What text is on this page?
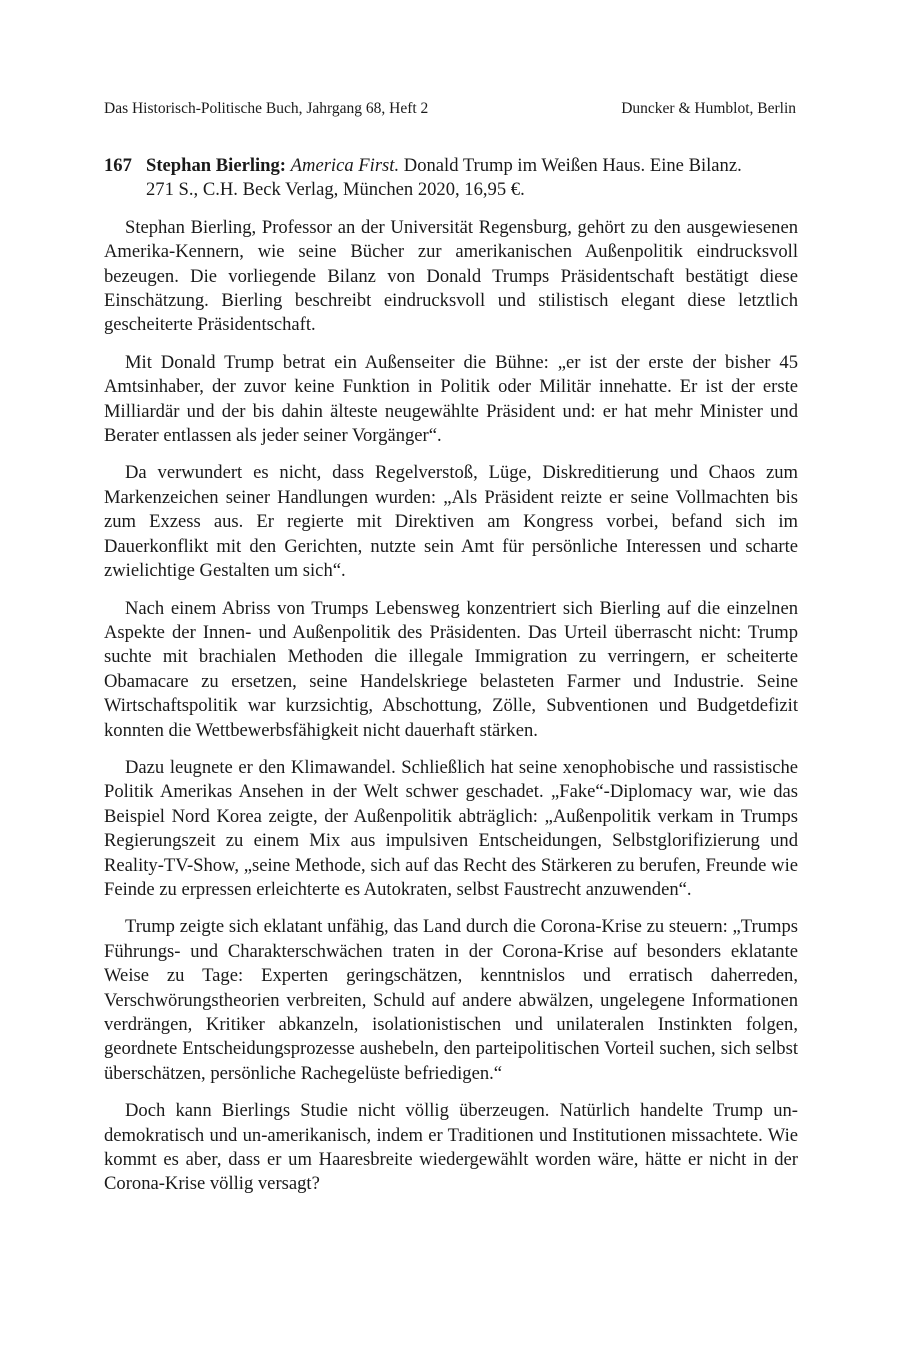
Das Historisch-Politische Buch, Jahrgang 68, Heft 2	Duncker & Humblot, Berlin
167 Stephan Bierling: America First. Donald Trump im Weißen Haus. Eine Bilanz.
271 S., C.H. Beck Verlag, München 2020, 16,95 €.

Stephan Bierling, Professor an der Universität Regensburg, gehört zu den ausgewiesenen Amerika-Kennern, wie seine Bücher zur amerikanischen Außenpolitik eindrucksvoll bezeugen. Die vorliegende Bilanz von Donald Trumps Präsidentschaft bestätigt diese Einschätzung. Bierling beschreibt eindrucksvoll und stilistisch elegant diese letztlich gescheiterte Präsidentschaft.

Mit Donald Trump betrat ein Außenseiter die Bühne: „er ist der erste der bisher 45 Amtsinhaber, der zuvor keine Funktion in Politik oder Militär innehatte. Er ist der erste Milliardär und der bis dahin älteste neugewählte Präsident und: er hat mehr Minister und Berater entlassen als jeder seiner Vorgänger“.

Da verwundert es nicht, dass Regelverstoß, Lüge, Diskreditierung und Chaos zum Markenzeichen seiner Handlungen wurden: „Als Präsident reizte er seine Vollmachten bis zum Exzess aus. Er regierte mit Direktiven am Kongress vorbei, befand sich im Dauerkonflikt mit den Gerichten, nutzte sein Amt für persönliche Interessen und scharte zwielichtige Gestalten um sich“.

Nach einem Abriss von Trumps Lebensweg konzentriert sich Bierling auf die einzelnen Aspekte der Innen- und Außenpolitik des Präsidenten. Das Urteil überrascht nicht: Trump suchte mit brachialen Methoden die illegale Immigration zu verringern, er scheiterte Obamacare zu ersetzen, seine Handelskriege belasteten Farmer und Industrie. Seine Wirtschaftspolitik war kurzsichtig, Abschottung, Zölle, Subventionen und Budgetdefizit konnten die Wettbewerbsfähigkeit nicht dauerhaft stärken.

Dazu leugnete er den Klimawandel. Schließlich hat seine xenophobische und rassistische Politik Amerikas Ansehen in der Welt schwer geschadet. „Fake“-Diplomacy war, wie das Beispiel Nord Korea zeigte, der Außenpolitik abträglich: „Außenpolitik verkam in Trumps Regierungszeit zu einem Mix aus impulsiven Entscheidungen, Selbstglorifizierung und Reality-TV-Show, „seine Methode, sich auf das Recht des Stärkeren zu berufen, Freunde wie Feinde zu erpressen erleichterte es Autokraten, selbst Faustrecht anzuwenden“.

Trump zeigte sich eklatant unfähig, das Land durch die Corona-Krise zu steuern: „Trumps Führungs- und Charakterschwächen traten in der Corona-Krise auf besonders eklatante Weise zu Tage: Experten geringschätzen, kenntnislos und erratisch daherreden, Verschwörungstheorien verbreiten, Schuld auf andere abwälzen, ungelegene Informationen verdrängen, Kritiker abkanzeln, isolationistischen und unilateralen Instinkten folgen, geordnete Entscheidungsprozesse aushebeln, den parteipolitischen Vorteil suchen, sich selbst überschätzen, persönliche Rachegelüste befriedigen.“

Doch kann Bierlings Studie nicht völlig überzeugen. Natürlich handelte Trump un-demokratisch und un-amerikanisch, indem er Traditionen und Institutionen missachtete. Wie kommt es aber, dass er um Haaresbreite wiedergewählt worden wäre, hätte er nicht in der Corona-Krise völlig versagt?
